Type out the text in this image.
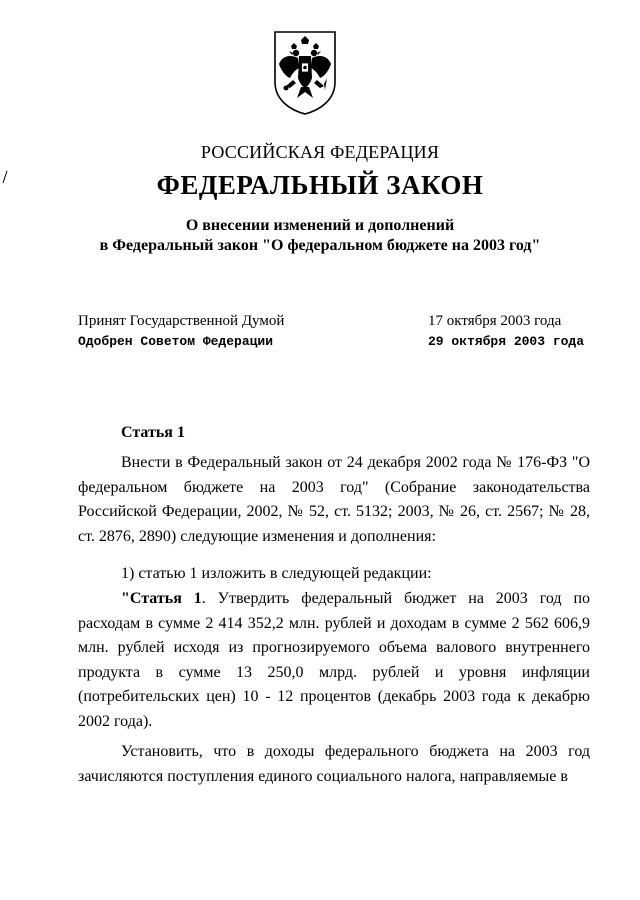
РОССИЙСКАЯ ФЕДЕРАЦИЯ
ФЕДЕРАЛЬНЫЙ ЗАКОН
О внесении изменений и дополнений
в Федеральный закон "О федеральном бюджете на 2003 год"
Принят Государственной Думой	17 октября 2003 года
Одобрен Советом Федерации	29 октября 2003 года
Статья 1

Внести в Федеральный закон от 24 декабря 2002 года № 176-ФЗ "О федеральном бюджете на 2003 год" (Собрание законодательства Российской Федерации, 2002, № 52, ст. 5132; 2003, № 26, ст. 2567; № 28, ст. 2876, 2890) следующие изменения и дополнения:

1) статью 1 изложить в следующей редакции:

"Статья 1. Утвердить федеральный бюджет на 2003 год по расходам в сумме 2 414 352,2 млн. рублей и доходам в сумме 2 562 606,9 млн. рублей исходя из прогнозируемого объема валового внутреннего продукта в сумме 13 250,0 млрд. рублей и уровня инфляции (потребительских цен) 10 - 12 процентов (декабрь 2003 года к декабрю 2002 года).

Установить, что в доходы федерального бюджета на 2003 год зачисляются поступления единого социального налога, направляемые в
